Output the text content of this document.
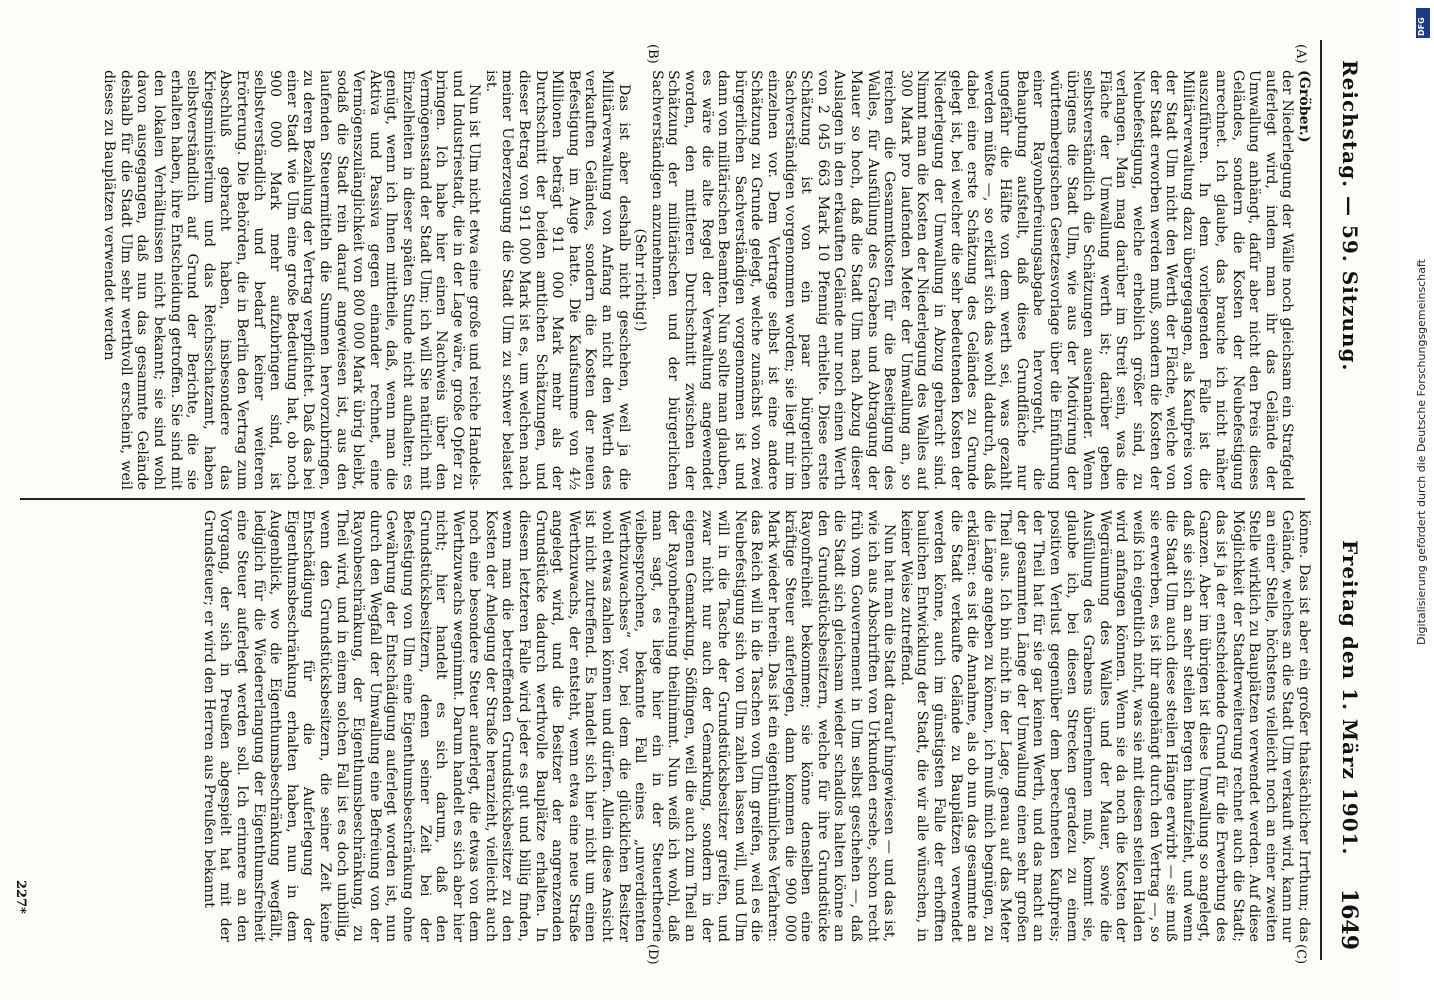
Reichstag. — 59. Sitzung.
Freitag den 1. März 1901.
1649
(A)
(B)
(C)
(D)

(Gröber.)

der Niederlegung der Wälle noch gleichsam ein Strafgeld auferlegt wird, indem man ihr das Gelände der Umwallung anhängt, dafür aber nicht den Preis dieses Geländes, sondern die Kosten der Neubefestigung anrechnet. Ich glaube, das brauche ich nicht näher auszuführen. In dem vorliegenden Falle ist die Militärverwaltung dazu übergegangen, als Kaufpreis von der Stadt Ulm nicht den Werth der Fläche, welche von der Stadt erworben werden muß, sondern die Kosten der Neubefestigung, welche erheblich größer sind, zu verlangen. Man mag darüber im Streit sein, was die Fläche der Umwallung werth ist; darüber geben selbstverständlich die Schätzungen auseinander. Wenn übrigens die Stadt Ulm, wie aus der Motivirung der württembergischen Gesetzesvorlage über die Einführung einer Rayonbefreiungsabgabe hervorgeht, die Behauptung aufstellt, daß diese Grundfläche nur ungefähr die Hälfte von dem werth sei, was gezahlt werden müßte —, so erklärt sich das wohl dadurch, daß dabei eine erste Schätzung des Geländes zu Grunde gelegt ist, bei welcher die sehr bedeutenden Kosten der Niederlegung der Umwallung in Abzug gebracht sind. Nimmt man die Kosten der Niederlegung des Walles auf 300 Mark pro laufenden Meter der Umwallung an, so reichen die Gesammtkosten für die Beseitigung des Walles, für Ausfüllung des Grabens und Abtragung der Mauer so hoch, daß die Stadt Ulm nach Abzug dieser Auslagen in den erkauften Gelände nur noch einen Werth von 2 045 663 Mark 10 Pfennig erhielte. Diese erste Schätzung ist von ein paar bürgerlichen Sachverständigen vorgenommen worden; sie liegt mir im einzelnen vor. Dem Vertrage selbst ist eine andere Schätzung zu Grunde gelegt, welche zunächst von zwei bürgerlichen Sachverständigen vorgenommen ist und dann von militärischen Beamten. Nun sollte man glauben, es wäre die alte Regel der Verwaltung angewendet worden, den mittleren Durchschnitt zwischen der Schätzung der militärischen und der bürgerlichen Sachverständigen anzunehmen.

(Sehr richtig!)

Das ist aber deshalb nicht geschehen, weil ja die Militärverwaltung von Anfang an nicht den Werth des verkauften Geländes, sondern die Kosten der neuen Befestigung im Auge hatte. Die Kaufsumme von 4½ Millionen beträgt 911 000 Mark mehr als der Durchschnitt der beiden amtlichen Schätzungen, und dieser Betrag von 911 000 Mark ist es, um welchen nach meiner Ueberzeugung die Stadt Ulm zu schwer belastet ist.

Nun ist Ulm nicht etwa eine große und reiche Handels- und Industriestadt, die in der Lage wäre, große Opfer zu bringen. Ich habe hier einen Nachweis über den Vermögensstand der Stadt Ulm; ich will Sie natürlich mit Einzelheiten in dieser späten Stunde nicht aufhalten; es genügt, wenn ich Ihnen mittheile, daß, wenn man die Aktiva und Passiva gegen einander rechnet, eine Vermögenszulänglichkeit von 800 000 Mark übrig bleibt, sodaß die Stadt rein darauf angewiesen ist, aus den laufenden Steuermitteln die Summen hervorzubringen, zu deren Bezahlung der Vertrag verpflichtet. Daß das bei einer Stadt wie Ulm eine große Bedeutung hat, ob noch 900 000 Mark mehr aufzubringen sind, ist selbstverständlich und bedarf keiner weiteren Erörterung. Die Behörden, die in Berlin den Vertrag zum Abschluß gebracht haben, insbesondere das Kriegsministerium und das Reichsschatzamt, haben selbstverständlich auf Grund der Berichte, die sie erhalten haben, ihre Entscheidung getroffen. Sie sind mit den lokalen Verhältnissen nicht bekannt; sie sind wohl davon ausgegangen, daß nun das gesammte Gelände deshalb für die Stadt Ulm sehr werthvoll erscheint, weil dieses zu Bauplätzen verwendet werden

könne. Das ist aber ein großer thatsächlicher Irrthum; das Gelände, welches an die Stadt Ulm verkauft wird, kann nur an einer Stelle, höchstens vielleicht noch an einer zweiten Stelle wirklich zu Bauplätzen verwendet werden. Auf diese Möglichkeit der Stadterweiterung rechnet auch die Stadt; das ist ja der entscheidende Grund für die Erwerbung des Ganzen. Aber im übrigen ist diese Umwallung so angelegt, daß sie sich an sehr steilen Bergen hinaufzieht, und wenn die Stadt Ulm auch diese steilen Hänge erwirbt — sie muß sie erwerben, es ist ihr angehängt durch den Vertrag —, so weiß ich eigentlich nicht, was sie mit diesen steilen Halden wird anfangen können. Wenn sie da noch die Kosten der Wegräumung des Walles und der Mauer, sowie die Ausfüllung des Grabens übernehmen muß, kommt sie, glaube ich, bei diesen Strecken geradezu zu einem positiven Verlust gegenüber dem berechneten Kaufpreis; der Theil hat für sie gar keinen Werth, und das macht an der gesammten Länge der Umwallung einen sehr großen Theil aus. Ich bin nicht in der Lage, genau auf das Meter die Länge angeben zu können, ich muß mich begnügen, zu erklären: es ist die Annahme, als ob nun das gesammte an die Stadt verkaufte Gelände zu Bauplätzen verwendet werden könne, auch im günstigsten Falle der erhofften baulichen Entwicklung der Stadt, die wir alle wünschen, in keiner Weise zutreffend.

Nun hat man die Stadt darauf hingewiesen — und das ist, wie ich aus Abschriften von Urkunden ersehe, schon recht früh vom Gouvernement in Ulm selbst geschehen —, daß die Stadt sich gleichsam wieder schadlos halten könne an den Grundstücksbesitzern, welche für ihre Grundstücke Rayonfreiheit bekommen; sie könne denselben eine kräftige Steuer auferlegen, dann kommen die 900 000 Mark wieder herein. Das ist ein eigenthümliches Verfahren: das Reich will in die Taschen von Ulm greifen, weil es die Neubefestigung sich von Ulm zahlen lassen will, und Ulm will in die Tasche der Grundstücksbesitzer greifen, und zwar nicht nur auch der Gemarkung, sondern in der eigenen Gemarkung, Söflingen, weil die auch zum Theil an der Rayonbefreiung theilnimmt. Nun weiß ich wohl, daß man sagt, es liege hier ein in der Steuertheorie vielbesprochene, bekannte Fall eines „unverdienten Werthzuwachses“ vor, bei dem die glücklichen Besitzer wohl etwas zahlen können und dürfen. Allein diese Ansicht ist nicht zutreffend. Es handelt sich hier nicht um einen Werthzuwachs, der entsteht, wenn etwa eine neue Straße angelegt wird, und die Besitzer der angrenzenden Grundstücke dadurch werthvolle Bauplätze erhalten. In diesem letzteren Falle wird jeder es gut und billig finden, wenn man die betreffenden Grundstücksbesitzer zu den Kosten der Anlegung der Straße heranzieht, vielleicht auch noch eine besondere Steuer auferlegt, die etwas von dem Werthzuwachs wegnimmt. Darum handelt es sich aber hier nicht; hier handelt es sich darum, daß den Grundstücksbesitzern, denen seiner Zeit bei der Befestigung von Ulm eine Eigenthumsbeschränkung ohne Gewährung der Entschädigung auferlegt worden ist, nun durch den Wegfall der Umwallung eine Befreiung von der Rayonbeschränkung, der Eigenthumsbeschränkung, zu Theil wird, und in einem solchen Fall ist es doch unbillig, wenn den Grundstücksbesitzern, die seiner Zeit keine Entschädigung für die Auferlegung der Eigenthumsbeschränkung erhalten haben, nun in dem Augenblick, wo die Eigenthumsbeschränkung wegfällt, lediglich für die Wiedererlangung der Eigenthumsfreiheit eine Steuer auferlegt werden soll. Ich erinnere an den Vorgang, der sich in Preußen abgespielt hat mit der Grundsteuer; er wird den Herren aus Preußen bekannt

227*
DFG
Digitalisierung gefördert durch die Deutsche Forschungsgemeinschaft
